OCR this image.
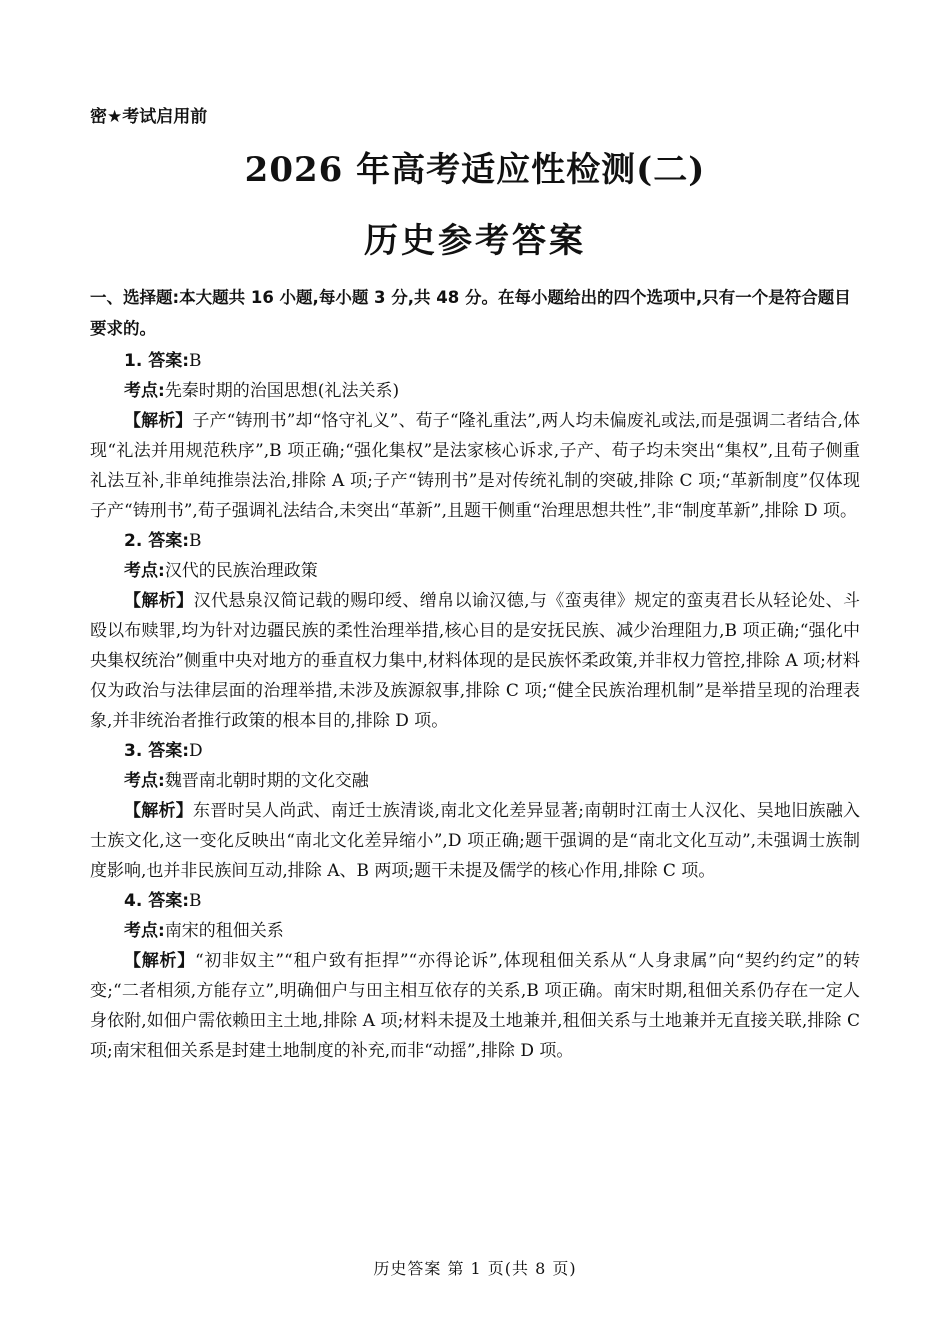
密★考试启用前
2026 年高考适应性检测(二)
历史参考答案

一、选择题:本大题共 16 小题,每小题 3 分,共 48 分。在每小题给出的四个选项中,只有一个是符合题目要求的。

1. 答案:B

考点:先秦时期的治国思想(礼法关系)

【解析】子产“铸刑书”却“恪守礼义”、荀子“隆礼重法”,两人均未偏废礼或法,而是强调二者结合,体现“礼法并用规范秩序”,B 项正确;“强化集权”是法家核心诉求,子产、荀子均未突出“集权”,且荀子侧重礼法互补,非单纯推崇法治,排除 A 项;子产“铸刑书”是对传统礼制的突破,排除 C 项;“革新制度”仅体现子产“铸刑书”,荀子强调礼法结合,未突出“革新”,且题干侧重“治理思想共性”,非“制度革新”,排除 D 项。

2. 答案:B

考点:汉代的民族治理政策

【解析】汉代悬泉汉简记载的赐印绶、缯帛以谕汉德,与《蛮夷律》规定的蛮夷君长从轻论处、斗殴以布赎罪,均为针对边疆民族的柔性治理举措,核心目的是安抚民族、减少治理阻力,B 项正确;“强化中央集权统治”侧重中央对地方的垂直权力集中,材料体现的是民族怀柔政策,并非权力管控,排除 A 项;材料仅为政治与法律层面的治理举措,未涉及族源叙事,排除 C 项;“健全民族治理机制”是举措呈现的治理表象,并非统治者推行政策的根本目的,排除 D 项。

3. 答案:D

考点:魏晋南北朝时期的文化交融

【解析】东晋时吴人尚武、南迁士族清谈,南北文化差异显著;南朝时江南士人汉化、吴地旧族融入士族文化,这一变化反映出“南北文化差异缩小”,D 项正确;题干强调的是“南北文化互动”,未强调士族制度影响,也并非民族间互动,排除 A、B 两项;题干未提及儒学的核心作用,排除 C 项。

4. 答案:B

考点:南宋的租佃关系

【解析】“初非奴主”“租户致有拒捍”“亦得论诉”,体现租佃关系从“人身隶属”向“契约约定”的转变;“二者相须,方能存立”,明确佃户与田主相互依存的关系,B 项正确。南宋时期,租佃关系仍存在一定人身依附,如佃户需依赖田主土地,排除 A 项;材料未提及土地兼并,租佃关系与土地兼并无直接关联,排除 C 项;南宋租佃关系是封建土地制度的补充,而非“动摇”,排除 D 项。

历史答案 第 1 页(共 8 页)
